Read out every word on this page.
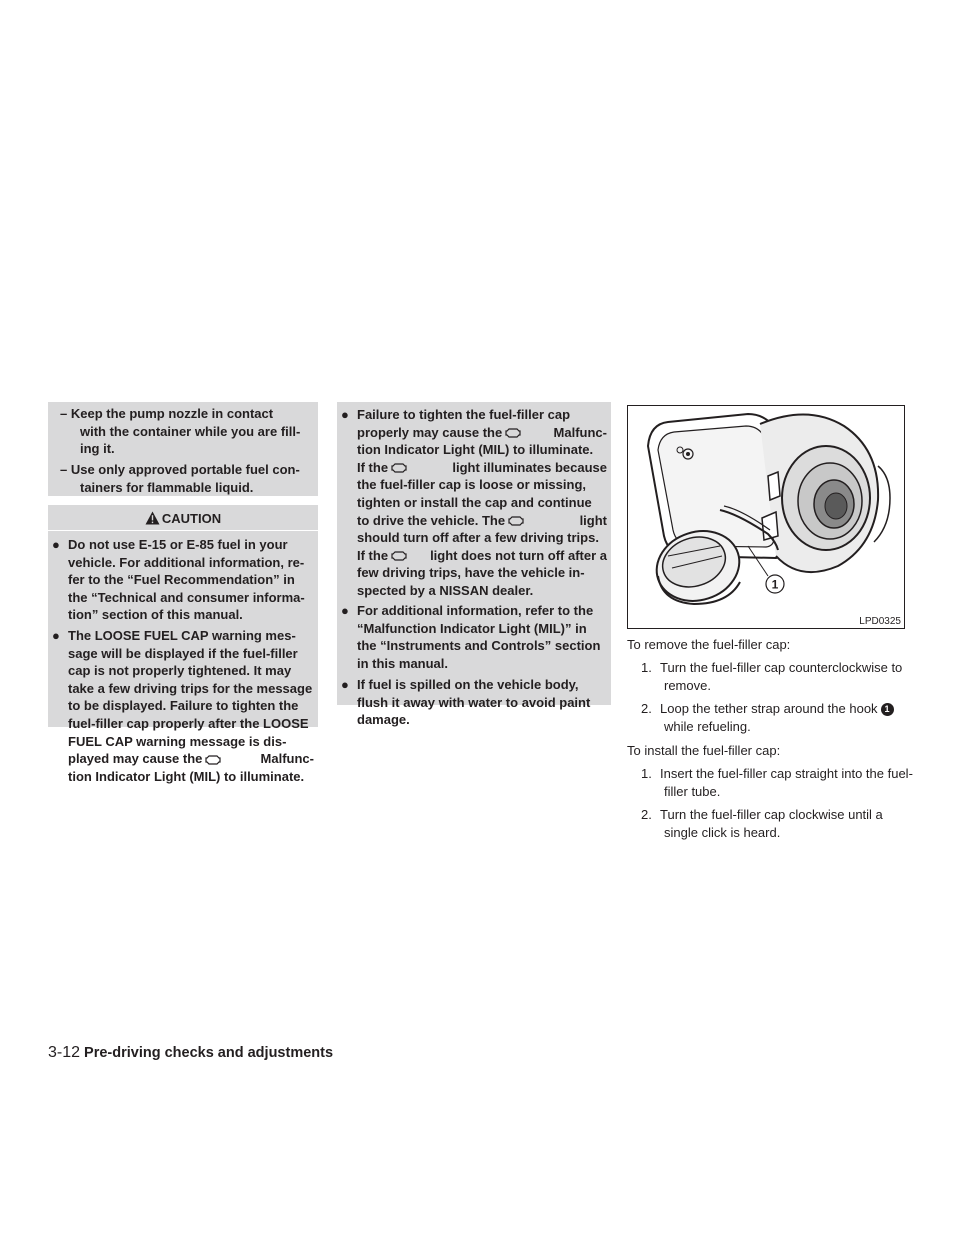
– Keep the pump nozzle in contact
with the container while you are fill-
ing it.
– Use only approved portable fuel con-
tainers for flammable liquid.
CAUTION
● Do not use E-15 or E-85 fuel in your
vehicle. For additional information, re-
fer to the “Fuel Recommendation” in
the “Technical and consumer informa-
tion” section of this manual.
● The LOOSE FUEL CAP warning mes-
sage will be displayed if the fuel-filler
cap is not properly tightened. It may
take a few driving trips for the message
to be displayed. Failure to tighten the
fuel-filler cap properly after the LOOSE
FUEL CAP warning message is dis-
played may cause the	Malfunc-
tion Indicator Light (MIL) to illuminate.
● Failure to tighten the fuel-filler cap
properly may cause the	Malfunc-
tion Indicator Light (MIL) to illuminate.
If the	light illuminates because
the fuel-filler cap is loose or missing,
tighten or install the cap and continue
to drive the vehicle. The	light
should turn off after a few driving trips.
If the	light does not turn off after a
few driving trips, have the vehicle in-
spected by a NISSAN dealer.
● For additional information, refer to the
“Malfunction Indicator Light (MIL)” in
the “Instruments and Controls” section
in this manual.
● If fuel is spilled on the vehicle body,
flush it away with water to avoid paint
damage.
1
LPD0325
To remove the fuel-filler cap:
1. Turn the fuel-filler cap counterclockwise to
remove.
2. Loop the tether strap around the hook 1
while refueling.
To install the fuel-filler cap:
1. Insert the fuel-filler cap straight into the fuel-
filler tube.
2. Turn the fuel-filler cap clockwise until a
single click is heard.
3-12 Pre-driving checks and adjustments
